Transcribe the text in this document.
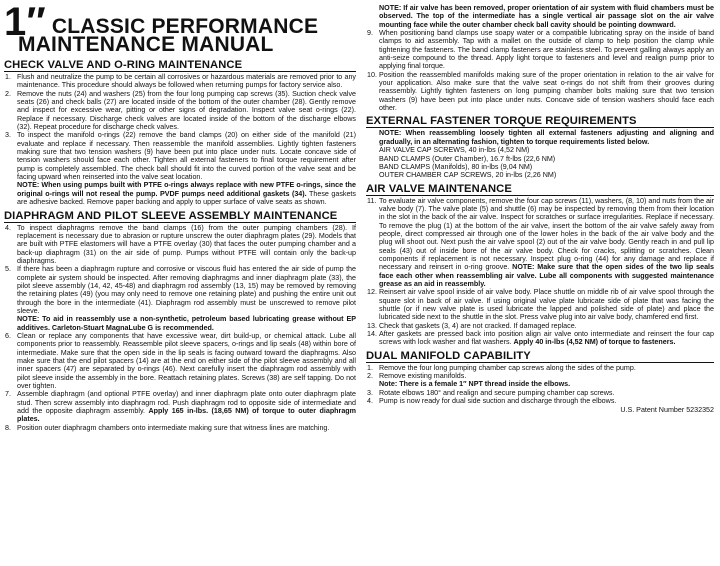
1″ CLASSIC PERFORMANCE
MAINTENANCE MANUAL
CHECK VALVE AND O-RING MAINTENANCE
1. Flush and neutralize the pump to be certain all corrosives or hazardous materials are removed prior to any maintenance. This procedure should always be followed when returning pumps for factory service also.
2. Remove the nuts (24) and washers (25) from the four long pumping cap screws (35). Suction check valve seats (26) and check balls (27) are located inside of the bottom of the outer chamber (28). Gently remove and inspect for excessive wear, pitting or other signs of degradation. Inspect valve seat o-rings (22). Replace if necessary. Discharge check valves are located inside of the bottom of the discharge elbows (32). Repeat procedure for discharge check valves.
3. To inspect the manifold o-rings (22) remove the band clamps (20) on either side of the manifold (21) evaluate and replace if necessary. Then reassemble the manifold assemblies. Lightly tighten fasteners making sure that two tension washers (9) have been put into place under nuts. Locate concave side of tension washers should face each other. Tighten all external fasteners to final torque requirement after pump is completely assembled. The check ball should fit into the curved portion of the valve seat and be facing upward when reinserted into the valve seat location.

NOTE: When using pumps built with PTFE o-rings always replace with new PTFE o-rings, since the original o-rings will not reseal the pump. PVDF pumps need additional gaskets (34). These gaskets are adhesive backed. Remove paper backing and apply to upper surface of valve seats as shown.

DIAPHRAGM AND PILOT SLEEVE ASSEMBLY MAINTENANCE
4. To inspect diaphragms remove the band clamps (16) from the outer pumping chambers (28). If replacement is necessary due to abrasion or rupture unscrew the outer diaphragm plates (29). Models that are built with PTFE elastomers will have a PTFE overlay (30) that faces the outer pumping chamber and a back-up diaphragm (31) on the air side of pump. Pumps without PTFE will contain only the back-up diaphragms.
5. If there has been a diaphragm rupture and corrosive or viscous fluid has entered the air side of pump the complete air system should be inspected. After removing diaphragms and inner diaphragm plate (33), the pilot sleeve assembly (14, 42, 45-48) and diaphragm rod assembly (13, 15) may be removed by removing the retaining plates (49) (you may only need to remove one retaining plate) and pushing the entire unit out through the bore in the intermediate (41). Diaphragm rod assembly must be unscrewed to remove pilot sleeve.
NOTE: To aid in reassembly use a non-synthetic, petroleum based lubricating grease without EP additives. Carleton-Stuart MagnaLube G is recommended.
6. Clean or replace any components that have excessive wear, dirt build-up, or chemical attack. Lube all components prior to reassembly. Reassemble pilot sleeve spacers, o-rings and lip seals (48) within bore of intermediate. Make sure that the open side in the lip seals is facing outward toward the diaphragms. Also make sure that the end pilot spacers (14) are at the end on either side of the pilot sleeve assembly and all inner spacers (47) are separated by o-rings (46). Next carefully insert the diaphragm rod assembly with pilot sleeve inside the assembly in the bore. Reattach retaining plates. Screws (38) are self tapping. Do not over tighten.
7. Assemble diaphragm (and optional PTFE overlay) and inner diaphragm plate onto outer diaphragm plate stud. Then screw assembly into diaphragm rod. Push diaphragm rod to opposite side of intermediate and add the opposite diaphragm assembly. Apply 165 in-lbs. (18,65 NM) of torque to outer diaphragm plates.
8. Position outer diaphragm chambers onto intermediate making sure that witness lines are matching.

NOTE: If air valve has been removed, proper orientation of air system with fluid chambers must be observed. The top of the intermediate has a single vertical air passage slot on the air valve mounting face while the outer chamber check ball cavity should be pointing downward.

9. When positioning band clamps use soapy water or a compatible lubricating spray on the inside of band clamps to aid assembly. Tap with a mallet on the outside of clamp to help position the clamp while tightening the fasteners. The band clamp fasteners are stainless steel. To prevent galling always apply an anti-seize compound to the thread. Apply light torque to fasteners and level and realign pump prior to applying final torque.
10. Position the reassembled manifolds making sure of the proper orientation in relation to the air valve for your application. Also make sure that the valve seat o-rings do not shift from their grooves during reassembly. Lightly tighten fasteners on long pumping chamber bolts making sure that two tension washers (9) have been put into place under nuts. Concave side of tension washers should face each other.
EXTERNAL FASTENER TORQUE REQUIREMENTS

NOTE: When reassembling loosely tighten all external fasteners adjusting and aligning and gradually, in an alternating fashion, tighten to torque requirements listed below.

AIR VALVE CAP SCREWS, 40 in-lbs (4,52 NM)
BAND CLAMPS (Outer Chamber), 16.7 ft-lbs (22,6 NM)
BAND CLAMPS (Manifolds), 80 in-lbs (9,04 NM)
OUTER CHAMBER CAP SCREWS, 20 in-lbs (2,26 NM)
AIR VALVE MAINTENANCE
11. To evaluate air valve components, remove the four cap screws (11), washers, (8, 10) and nuts from the air valve body (7). The valve plate (5) and shuttle (6) may be inspected by removing them from their location in the slot in the back of the air valve. Inspect for scratches or surface irregularities. Replace if necessary. To remove the plug (1) at the bottom of the air valve, insert the bottom of the air valve safely away from people, direct compressed air through one of the lower holes in the back of the air valve body and the plug will shoot out. Next push the air valve spool (2) out of the air valve body. Gently reach in and pull lip seals (43) out of inside bore of the air valve body. Check for cracks, splitting or scratches. Clean components if replacement is not necessary. Inspect plug o-ring (44) for any damage and replace if necessary and reinsert in o-ring groove. NOTE: Make sure that the open sides of the two lip seals face each other when reassembling air valve. Lube all components with suggested maintenance grease as an aid in reassembly.
12. Reinsert air valve spool inside of air valve body. Place shuttle on middle rib of air valve spool through the square slot in back of air valve. If using original valve plate lubricate side of plate that was facing the shuttle (or if new valve plate is used lubricate the lapped and polished side of plate) and place the lubricated side next to the shuttle in the slot. Press valve plug into air valve body, chamfered end first.
13. Check that gaskets (3, 4) are not cracked. If damaged replace.
14. After gaskets are pressed back into position align air valve onto intermediate and reinsert the four cap screws with lock washer and flat washers. Apply 40 in-lbs (4,52 NM) of torque to fasteners.
DUAL MANIFOLD CAPABILITY
1. Remove the four long pumping chamber cap screws along the sides of the pump.
2. Remove existing manifolds.
Note: There is a female 1″ NPT thread inside the elbows.
3. Rotate elbows 180° and realign and secure pumping chamber cap screws.
4. Pump is now ready for dual side suction and discharge through the elbows.
U.S. Patent Number 5232352
